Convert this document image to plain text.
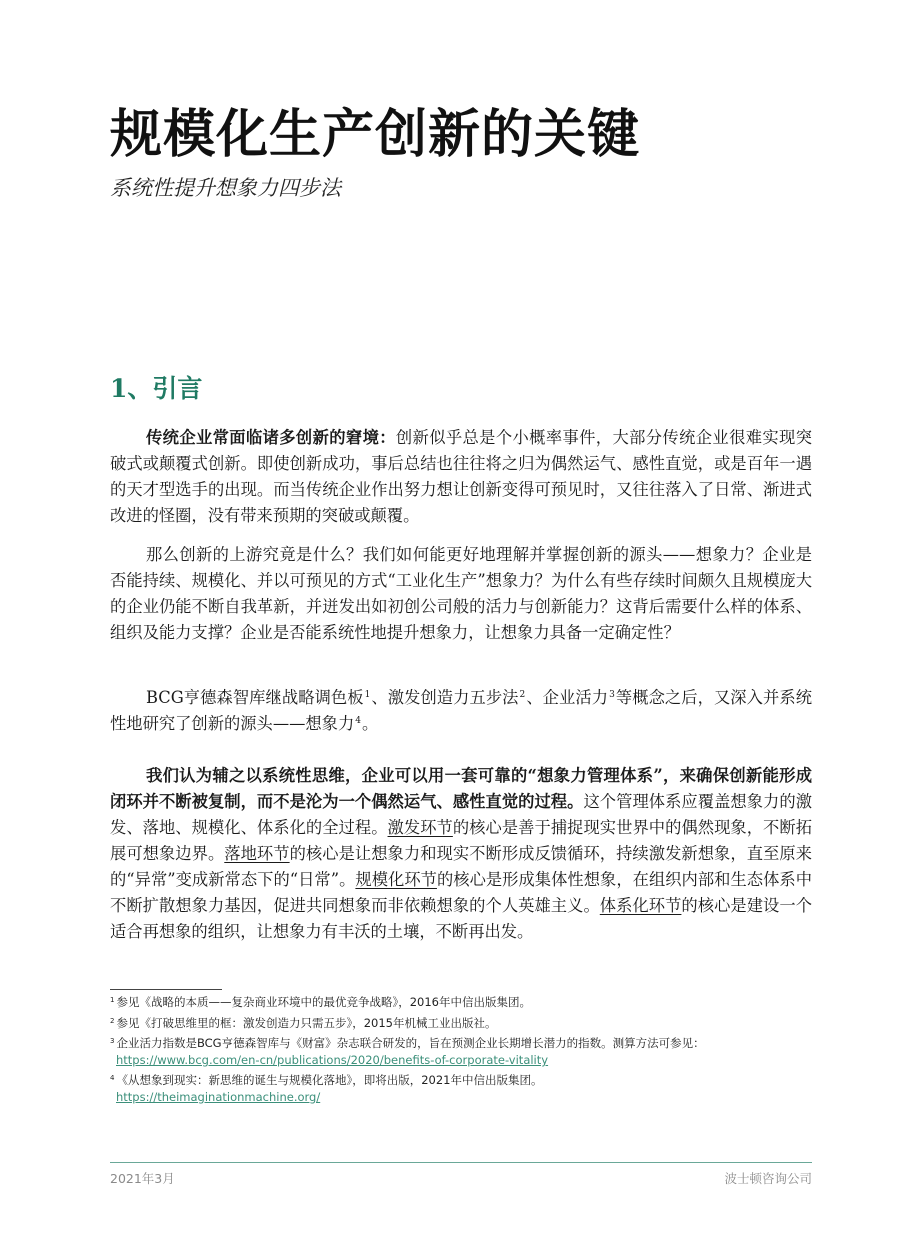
规模化生产创新的关键
系统性提升想象力四步法
1、引言

传统企业常面临诸多创新的窘境：创新似乎总是个小概率事件，大部分传统企业很难实现突破式或颠覆式创新。即使创新成功，事后总结也往往将之归为偶然运气、感性直觉，或是百年一遇的天才型选手的出现。而当传统企业作出努力想让创新变得可预见时，又往往落入了日常、渐进式改进的怪圈，没有带来预期的突破或颠覆。

那么创新的上游究竟是什么？我们如何能更好地理解并掌握创新的源头——想象力？企业是否能持续、规模化、并以可预见的方式“工业化生产”想象力？为什么有些存续时间颇久且规模庞大的企业仍能不断自我革新，并迸发出如初创公司般的活力与创新能力？这背后需要什么样的体系、组织及能力支撑？企业是否能系统性地提升想象力，让想象力具备一定确定性？

BCG亨德森智库继战略调色板$^1$、激发创造力五步法$^2$、企业活力$^3$等概念之后，又深入并系统性地研究了创新的源头——想象力$^4$。

我们认为辅之以系统性思维，企业可以用一套可靠的“想象力管理体系”，来确保创新能形成闭环并不断被复制，而不是沦为一个偶然运气、感性直觉的过程。这个管理体系应覆盖想象力的激发、落地、规模化、体系化的全过程。激发环节的核心是善于捕捉现实世界中的偶然现象，不断拓展可想象边界。落地环节的核心是让想象力和现实不断形成反馈循环，持续激发新想象，直至原来的“异常”变成新常态下的“日常”。规模化环节的核心是形成集体性想象，在组织内部和生态体系中不断扩散想象力基因，促进共同想象而非依赖想象的个人英雄主义。体系化环节的核心是建设一个适合再想象的组织，让想象力有丰沃的土壤，不断再出发。

$^1$ 参见《战略的本质——复杂商业环境中的最优竞争战略》，2016年中信出版集团。

$^2$ 参见《打破思维里的框：激发创造力只需五步》，2015年机械工业出版社。

$^3$ 企业活力指数是BCG亨德森智库与《财富》杂志联合研发的，旨在预测企业长期增长潜力的指数。测算方法可参见：
https://www.bcg.com/en-cn/publications/2020/benefits-of-corporate-vitality

$^4$ 《从想象到现实：新思维的诞生与规模化落地》，即将出版，2021年中信出版集团。
https://theimaginationmachine.org/

2021年3月	波士顿咨询公司
